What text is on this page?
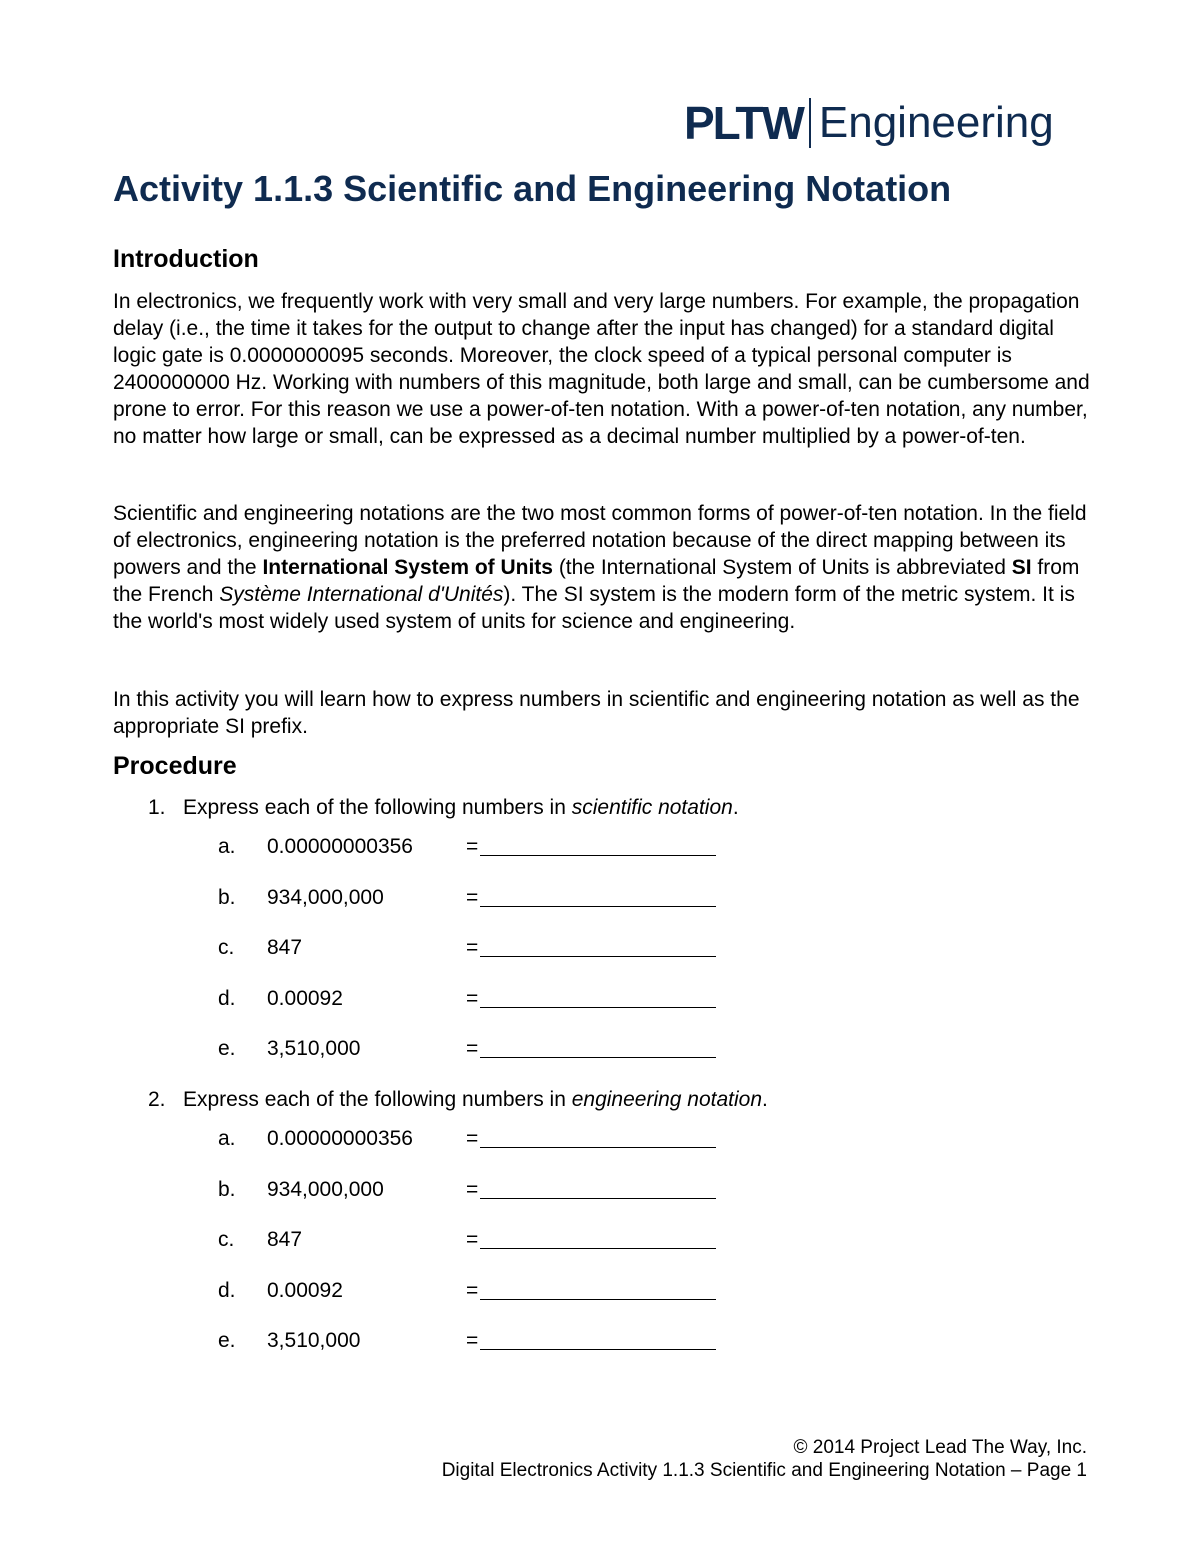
PLTW Engineering
Activity 1.1.3 Scientific and Engineering Notation
Introduction

In electronics, we frequently work with very small and very large numbers. For example, the propagation delay (i.e., the time it takes for the output to change after the input has changed) for a standard digital logic gate is 0.0000000095 seconds. Moreover, the clock speed of a typical personal computer is 2400000000 Hz. Working with numbers of this magnitude, both large and small, can be cumbersome and prone to error. For this reason we use a power-of-ten notation. With a power-of-ten notation, any number, no matter how large or small, can be expressed as a decimal number multiplied by a power-of-ten.

Scientific and engineering notations are the two most common forms of power-of-ten notation. In the field of electronics, engineering notation is the preferred notation because of the direct mapping between its powers and the International System of Units (the International System of Units is abbreviated SI from the French Système International d'Unités). The SI system is the modern form of the metric system. It is the world's most widely used system of units for science and engineering.

In this activity you will learn how to express numbers in scientific and engineering notation as well as the appropriate SI prefix.

Procedure
1. Express each of the following numbers in scientific notation.
a. 0.00000000356	=
b. 934,000,000	=
c. 847	=
d. 0.00092	=
e. 3,510,000	=
2. Express each of the following numbers in engineering notation.
a. 0.00000000356	=
b. 934,000,000	=
c. 847	=
d. 0.00092	=
e. 3,510,000	=
© 2014 Project Lead The Way, Inc.
Digital Electronics Activity 1.1.3 Scientific and Engineering Notation – Page 1
